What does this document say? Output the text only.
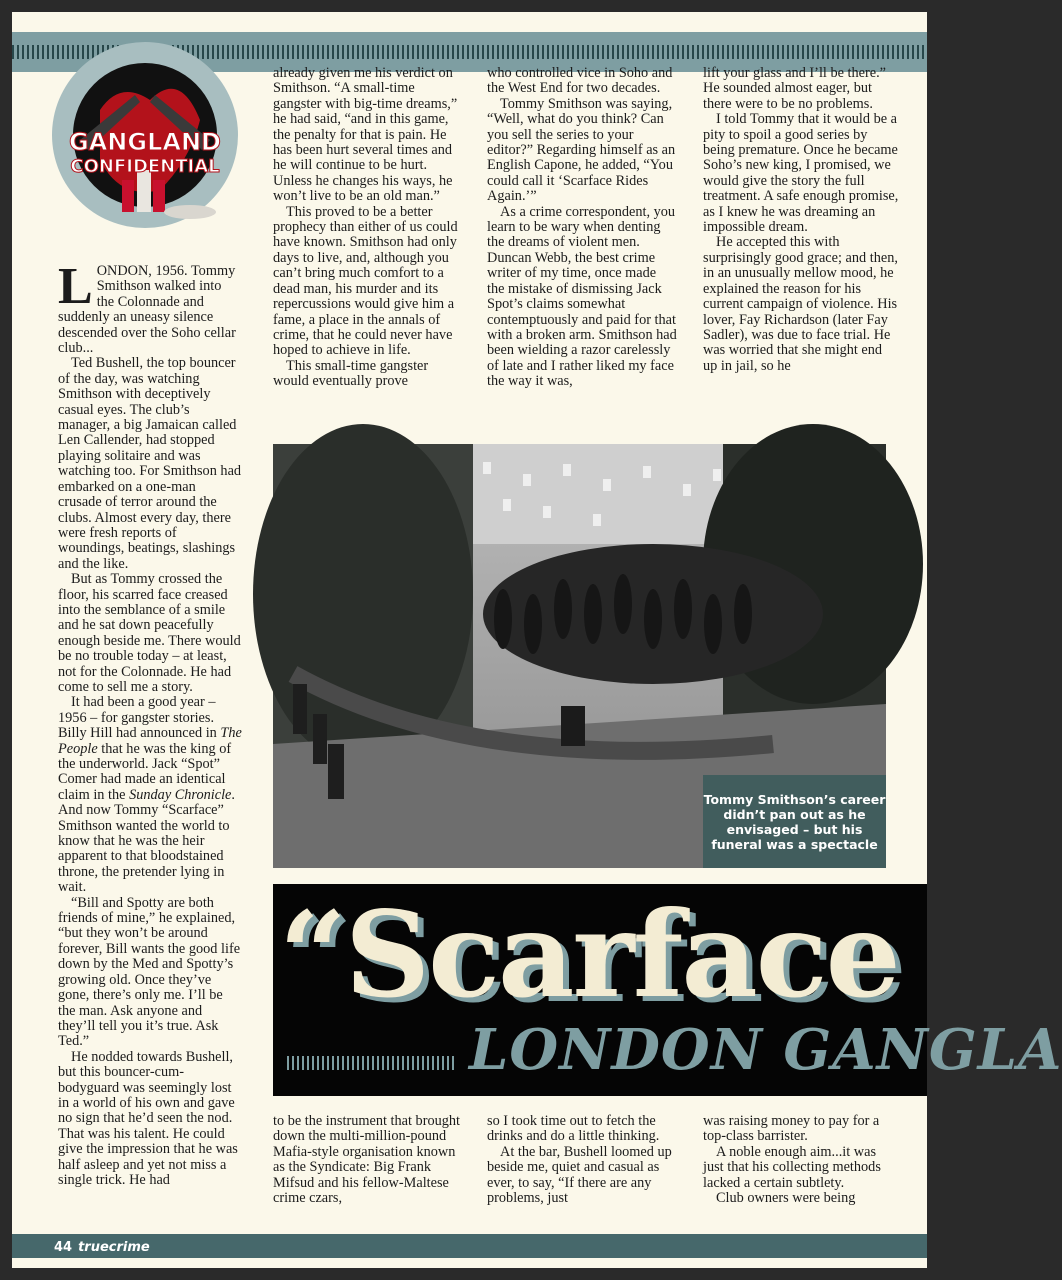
GANGLAND
CONFIDENTIAL

LONDON, 1956. Tommy Smithson walked into the Colonnade and suddenly an uneasy silence descended over the Soho cellar club...

Ted Bushell, the top bouncer of the day, was watching Smithson with deceptively casual eyes. The club’s manager, a big Jamaican called Len Callender, had stopped playing solitaire and was watching too. For Smithson had embarked on a one-man crusade of terror around the clubs. Almost every day, there were fresh reports of woundings, beatings, slashings and the like.

But as Tommy crossed the floor, his scarred face creased into the semblance of a smile and he sat down peacefully enough beside me. There would be no trouble today – at least, not for the Colonnade. He had come to sell me a story.

It had been a good year – 1956 – for gangster stories. Billy Hill had announced in The People that he was the king of the underworld. Jack “Spot” Comer had made an identical claim in the Sunday Chronicle. And now Tommy “Scarface” Smithson wanted the world to know that he was the heir apparent to that bloodstained throne, the pretender lying in wait.

“Bill and Spotty are both friends of mine,” he explained, “but they won’t be around forever, Bill wants the good life down by the Med and Spotty’s growing old. Once they’ve gone, there’s only me. I’ll be the man. Ask anyone and they’ll tell you it’s true. Ask Ted.”

He nodded towards Bushell, but this bouncer-cum-bodyguard was seemingly lost in a world of his own and gave no sign that he’d seen the nod. That was his talent. He could give the impression that he was half asleep and yet not miss a single trick. He had

already given me his verdict on Smithson. “A small-time gangster with big-time dreams,” he had said, “and in this game, the penalty for that is pain. He has been hurt several times and he will continue to be hurt. Unless he changes his ways, he won’t live to be an old man.”

This proved to be a better prophecy than either of us could have known. Smithson had only days to live, and, although you can’t bring much comfort to a dead man, his murder and its repercussions would give him a fame, a place in the annals of crime, that he could never have hoped to achieve in life.

This small-time gangster would eventually prove

who controlled vice in Soho and the West End for two decades.

Tommy Smithson was saying, “Well, what do you think? Can you sell the series to your editor?” Regarding himself as an English Capone, he added, “You could call it ‘Scarface Rides Again.’”

As a crime correspondent, you learn to be wary when denting the dreams of violent men. Duncan Webb, the best crime writer of my time, once made the mistake of dismissing Jack Spot’s claims somewhat contemptuously and paid for that with a broken arm. Smithson had been wielding a razor carelessly of late and I rather liked my face the way it was,

lift your glass and I’ll be there.” He sounded almost eager, but there were to be no problems.

I told Tommy that it would be a pity to spoil a good series by being premature. Once he became Soho’s new king, I promised, we would give the story the full treatment. A safe enough promise, as I knew he was dreaming an impossible dream.

He accepted this with surprisingly good grace; and then, in an unusually mellow mood, he explained the reason for his current campaign of violence. His lover, Fay Richardson (later Fay Sadler), was due to face trial. He was worried that she might end up in jail, so he

Tommy Smithson’s career didn’t pan out as he envisaged – but his funeral was a spectacle
“Scarface
LONDON GANGLA

to be the instrument that brought down the multi-million-pound Mafia-style organisation known as the Syndicate: Big Frank Mifsud and his fellow-Maltese crime czars,

so I took time out to fetch the drinks and do a little thinking.

At the bar, Bushell loomed up beside me, quiet and casual as ever, to say, “If there are any problems, just

was raising money to pay for a top-class barrister.

A noble enough aim...it was just that his collecting methods lacked a certain subtlety.

Club owners were being

44 truecrime
